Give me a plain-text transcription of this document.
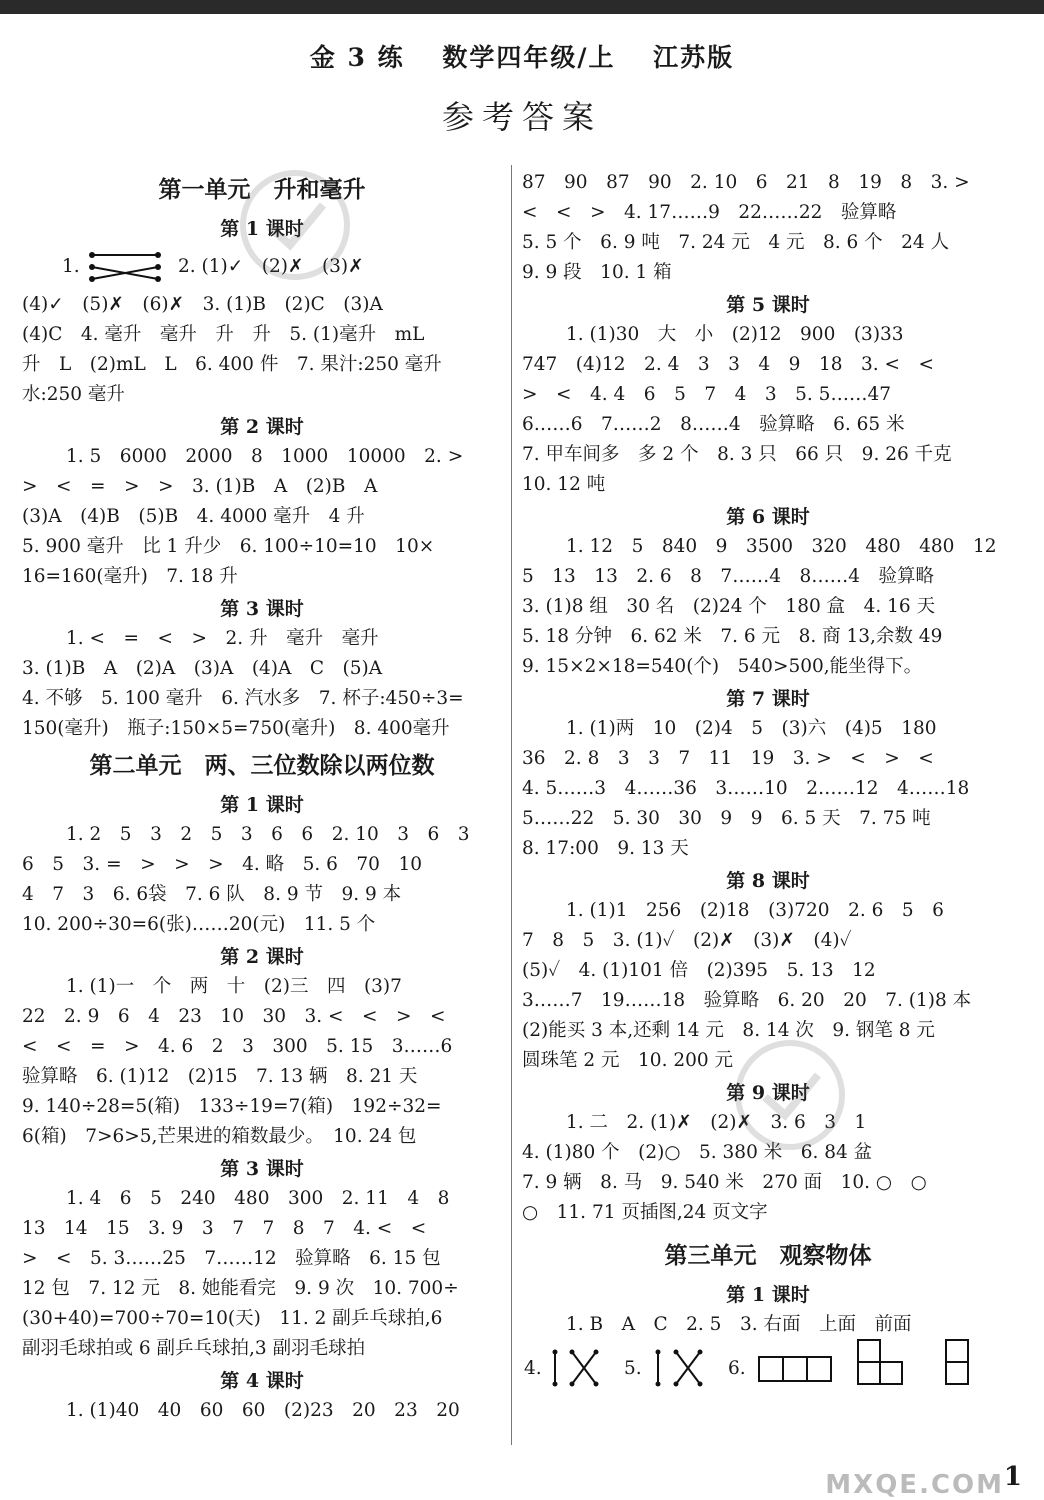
金 3 练　 数学四年级/上　 江苏版
参考答案
第一单元　升和毫升
第 1 课时
1.	2. (1)✓　(2)✗　(3)✗
(4)✓　(5)✗　(6)✗　3. (1)B　(2)C　(3)A
(4)C　4. 毫升　毫升　升　升　5. (1)毫升　mL
升　L　(2)mL　L　6. 400 件　7. 果汁:250 毫升
水:250 毫升
第 2 课时
1. 5　6000　2000　8　1000　10000　2. >
>　<　=　>　>　3. (1)B　A　(2)B　A
(3)A　(4)B　(5)B　4. 4000 毫升　4 升
5. 900 毫升　比 1 升少　6. 100÷10=10　10×
16=160(毫升)　7. 18 升
第 3 课时
1. <　=　<　>　2. 升　毫升　毫升
3. (1)B　A　(2)A　(3)A　(4)A　C　(5)A
4. 不够　5. 100 毫升　6. 汽水多　7. 杯子:450÷3=
150(毫升)　瓶子:150×5=750(毫升)　8. 400毫升
第二单元　两、三位数除以两位数
第 1 课时
1. 2　5　3　2　5　3　6　6　2. 10　3　6　3
6　5　3. =　>　>　>　4. 略　5. 6　70　10
4　7　3　6. 6袋　7. 6 队　8. 9 节　9. 9 本
10. 200÷30=6(张)……20(元)　11. 5 个
第 2 课时
1. (1)一　个　两　十　(2)三　四　(3)7
22　2. 9　6　4　23　10　30　3. <　<　>　<
<　<　=　>　4. 6　2　3　300　5. 15　3……6
验算略　6. (1)12　(2)15　7. 13 辆　8. 21 天
9. 140÷28=5(箱)　133÷19=7(箱)　192÷32=
6(箱)　7>6>5,芒果进的箱数最少。　10. 24 包
第 3 课时
1. 4　6　5　240　480　300　2. 11　4　8
13　14　15　3. 9　3　7　7　8　7　4. <　<
>　<　5. 3……25　7……12　验算略　6. 15 包
12 包　7. 12 元　8. 她能看完　9. 9 次　10. 700÷
(30+40)=700÷70=10(天)　11. 2 副乒乓球拍,6
副羽毛球拍或 6 副乒乓球拍,3 副羽毛球拍
第 4 课时
1. (1)40　40　60　60　(2)23　20　23　20
87　90　87　90　2. 10　6　21　8　19　8　3. >
<　<　>　4. 17……9　22……22　验算略
5. 5 个　6. 9 吨　7. 24 元　4 元　8. 6 个　24 人
9. 9 段　10. 1 箱
第 5 课时
1. (1)30　大　小　(2)12　900　(3)33
747　(4)12　2. 4　3　3　4　9　18　3. <　<
>　<　4. 4　6　5　7　4　3　5. 5……47
6……6　7……2　8……4　验算略　6. 65 米
7. 甲车间多　多 2 个　8. 3 只　66 只　9. 26 千克
10. 12 吨
第 6 课时
1. 12　5　840　9　3500　320　480　480　12
5　13　13　2. 6　8　7……4　8……4　验算略
3. (1)8 组　30 名　(2)24 个　180 盒　4. 16 天
5. 18 分钟　6. 62 米　7. 6 元　8. 商 13,余数 49
9. 15×2×18=540(个)　540>500,能坐得下。
第 7 课时
1. (1)两　10　(2)4　5　(3)六　(4)5　180
36　2. 8　3　3　7　11　19　3. >　<　>　<
4. 5……3　4……36　3……10　2……12　4……18
5……22　5. 30　30　9　9　6. 5 天　7. 75 吨
8. 17:00　9. 13 天
第 8 课时
1. (1)1　256　(2)18　(3)720　2. 6　5　6
7　8　5　3. (1)✓　(2)✗　(3)✗　(4)✓
(5)✓　4. (1)101 倍　(2)395　5. 13　12
3……7　19……18　验算略　6. 20　20　7. (1)8 本
(2)能买 3 本,还剩 14 元　8. 14 次　9. 钢笔 8 元
圆珠笔 2 元　10. 200 元
第 9 课时
1. 二　2. (1)✗　(2)✗　3. 6　3　1
4. (1)80 个　(2)○　5. 380 米　6. 84 盆
7. 9 辆　8. 马　9. 540 米　270 面　10. ○　○
○　11. 71 页插图,24 页文字
第三单元　观察物体
第 1 课时
1. B　A　C　2. 5　3. 右面　上面　前面
4.	5.	6.
MXQE.COM 1
